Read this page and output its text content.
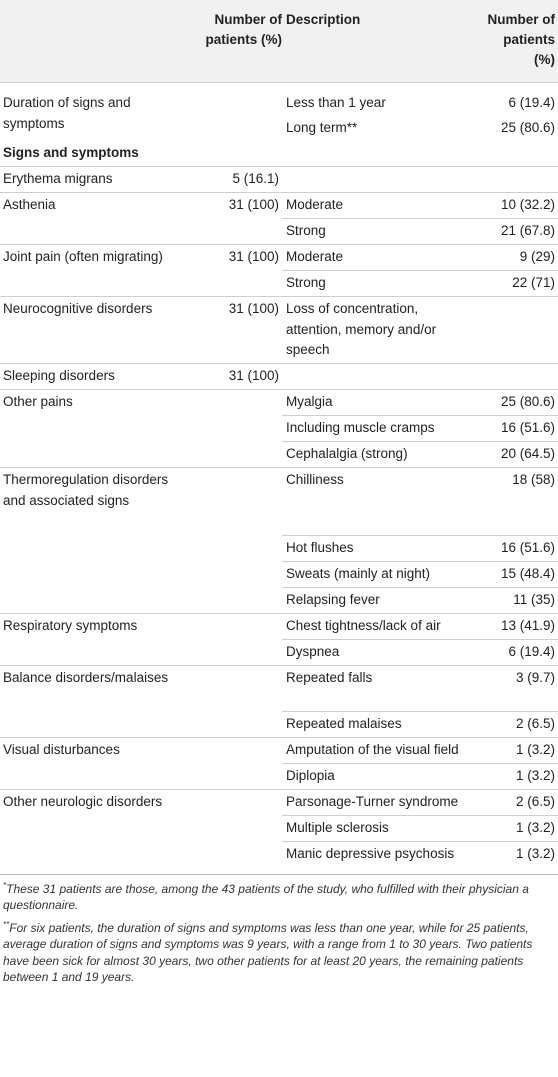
	Number of patients (%)	Description	Number of patients (%)
Duration of signs and symptoms		Less than 1 year	6 (19.4)
		Long term**	25 (80.6)
Signs and symptoms			
Erythema migrans	5 (16.1)		
Asthenia	31 (100)	Moderate	10 (32.2)
		Strong	21 (67.8)
Joint pain (often migrating)	31 (100)	Moderate	9 (29)
		Strong	22 (71)
Neurocognitive disorders	31 (100)	Loss of concentration, attention, memory and/or speech	
Sleeping disorders	31 (100)		
Other pains		Myalgia	25 (80.6)
		Including muscle cramps	16 (51.6)
		Cephalalgia (strong)	20 (64.5)
Thermoregulation disorders and associated signs		Chilliness	18 (58)
		Hot flushes	16 (51.6)
		Sweats (mainly at night)	15 (48.4)
		Relapsing fever	11 (35)
Respiratory symptoms		Chest tightness/lack of air	13 (41.9)
		Dyspnea	6 (19.4)
Balance disorders/malaises		Repeated falls	3 (9.7)
		Repeated malaises	2 (6.5)
Visual disturbances		Amputation of the visual field	1 (3.2)
		Diplopia	1 (3.2)
Other neurologic disorders		Parsonage-Turner syndrome	2 (6.5)
		Multiple sclerosis	1 (3.2)
		Manic depressive psychosis	1 (3.2)

*These 31 patients are those, among the 43 patients of the study, who fulfilled with their physician a questionnaire.

**For six patients, the duration of signs and symptoms was less than one year, while for 25 patients, average duration of signs and symptoms was 9 years, with a range from 1 to 30 years. Two patients have been sick for almost 30 years, two other patients for at least 20 years, the remaining patients between 1 and 19 years.
